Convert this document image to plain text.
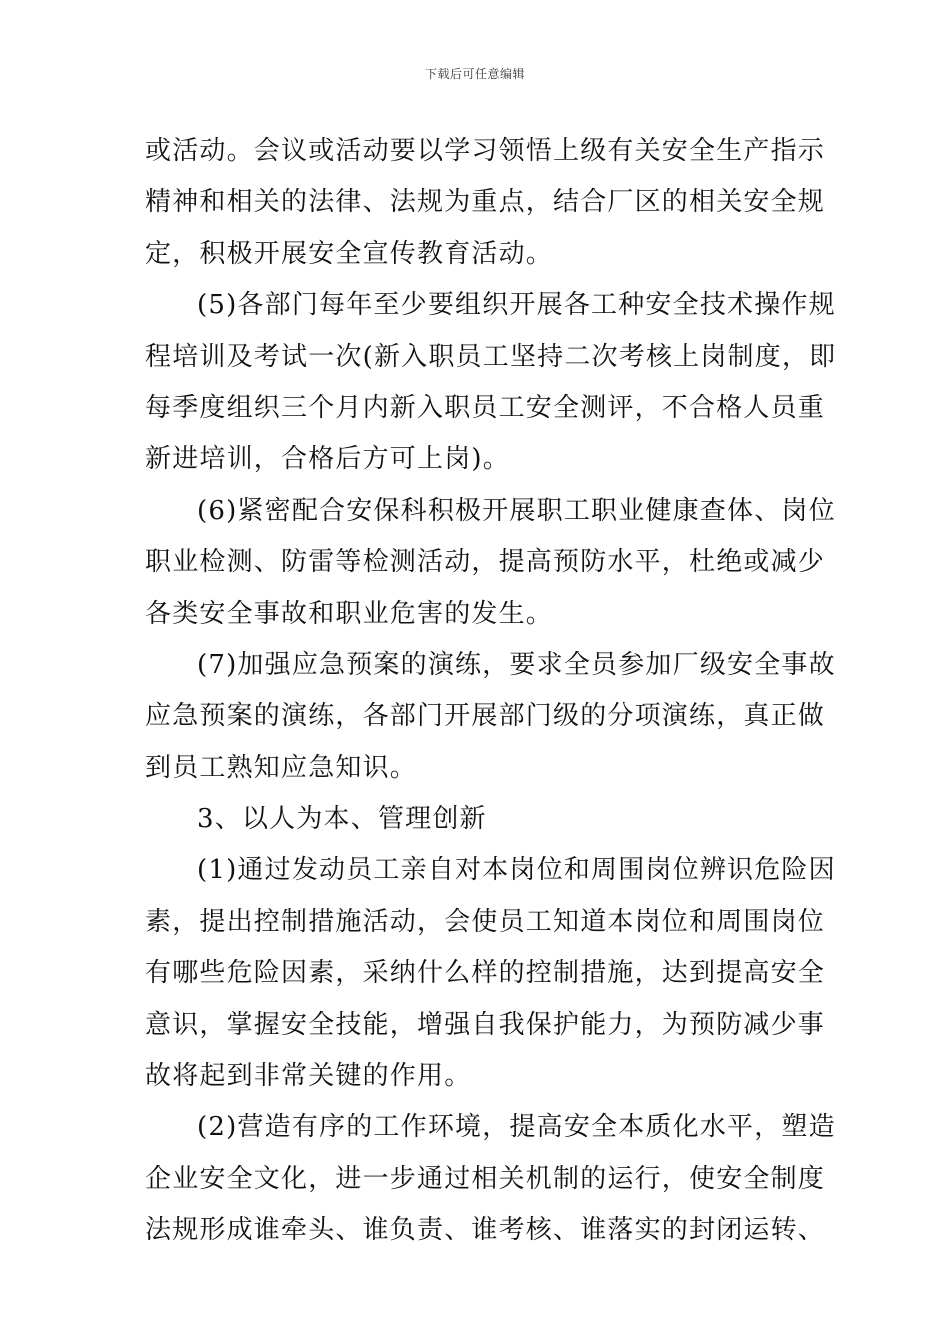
下载后可任意编辑
或活动。会议或活动要以学习领悟上级有关安全生产指示
精神和相关的法律、法规为重点，结合厂区的相关安全规
定，积极开展安全宣传教育活动。
(5)各部门每年至少要组织开展各工种安全技术操作规
程培训及考试一次(新入职员工坚持二次考核上岗制度，即
每季度组织三个月内新入职员工安全测评，不合格人员重
新进培训，合格后方可上岗)。
(6)紧密配合安保科积极开展职工职业健康查体、岗位
职业检测、防雷等检测活动，提高预防水平，杜绝或减少
各类安全事故和职业危害的发生。
(7)加强应急预案的演练，要求全员参加厂级安全事故
应急预案的演练，各部门开展部门级的分项演练，真正做
到员工熟知应急知识。
3、以人为本、管理创新
(1)通过发动员工亲自对本岗位和周围岗位辨识危险因
素，提出控制措施活动，会使员工知道本岗位和周围岗位
有哪些危险因素，采纳什么样的控制措施，达到提高安全
意识，掌握安全技能，增强自我保护能力，为预防减少事
故将起到非常关键的作用。
(2)营造有序的工作环境，提高安全本质化水平，塑造
企业安全文化，进一步通过相关机制的运行，使安全制度
法规形成谁牵头、谁负责、谁考核、谁落实的封闭运转、
